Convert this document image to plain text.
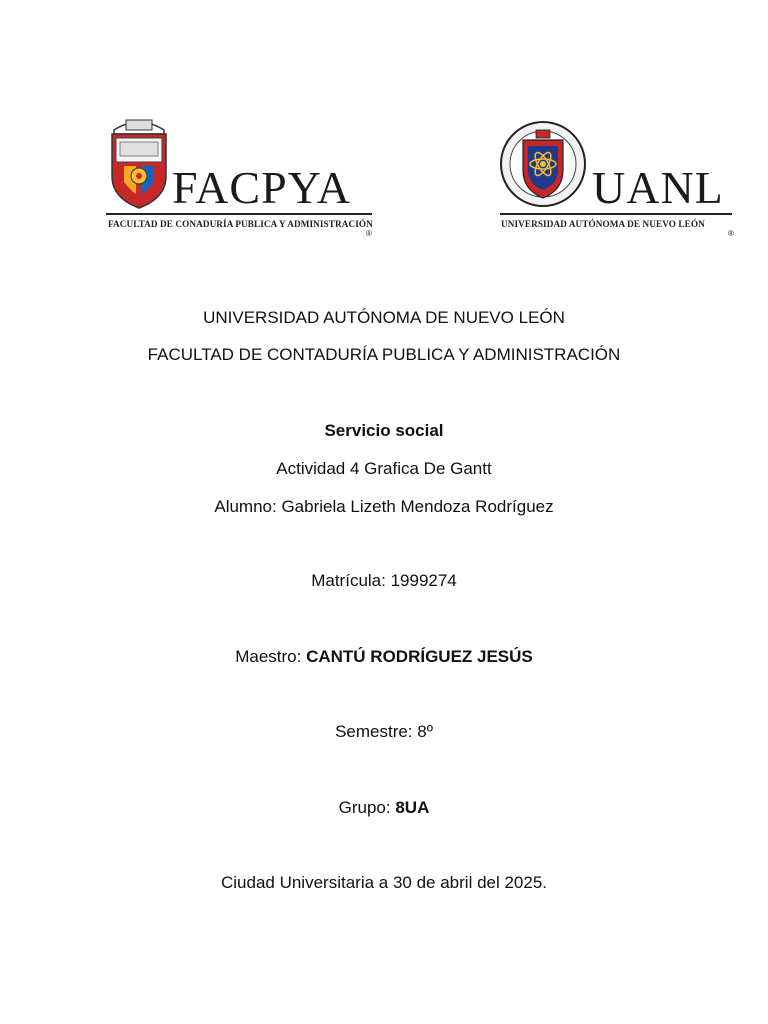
FACPYA
FACULTAD DE CONADURÍA PUBLICA Y ADMINISTRACIÓN
®
UANL
UNIVERSIDAD AUTÓNOMA DE NUEVO LEÓN
®
UNIVERSIDAD AUTÓNOMA DE NUEVO LEÓN
FACULTAD DE CONTADURÍA PUBLICA Y ADMINISTRACIÓN
Servicio social
Actividad 4 Grafica De Gantt
Alumno: Gabriela Lizeth Mendoza Rodríguez
Matrícula: 1999274
Maestro: CANTÚ RODRÍGUEZ JESÚS
Semestre: 8º
Grupo: 8UA
Ciudad Universitaria a 30 de abril del 2025.
